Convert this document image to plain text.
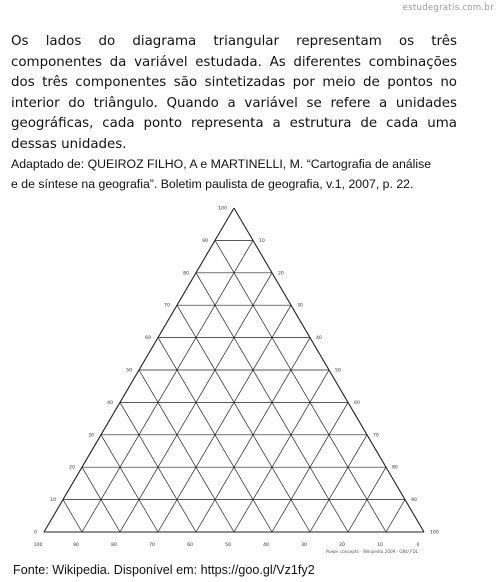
estudegratis.com.br
Os lados do diagrama triangular representam os três
componentes da variável estudada. As diferentes combinações
dos três componentes são sintetizadas por meio de pontos no
interior do triângulo. Quando a variável se refere a unidades
geográficas, cada ponto representa a estrutura de cada uma
dessas unidades.
Adaptado de: QUEIROZ FILHO, A e MARTINELLI, M. “Cartografia de análise
e de síntese na geografia”. Boletim paulista de geografia, v.1, 2007, p. 22.
0
10
20
30
40
50
60
70
80
90
100
10
20
30
40
50
60
70
80
90
100
100	90	80	70	60	50	40	30	20	10	0
Power concepts · Wikipedia 2009 · GNU FDL
Fonte: Wikipedia. Disponível em: https://goo.gl/Vz1fy2
